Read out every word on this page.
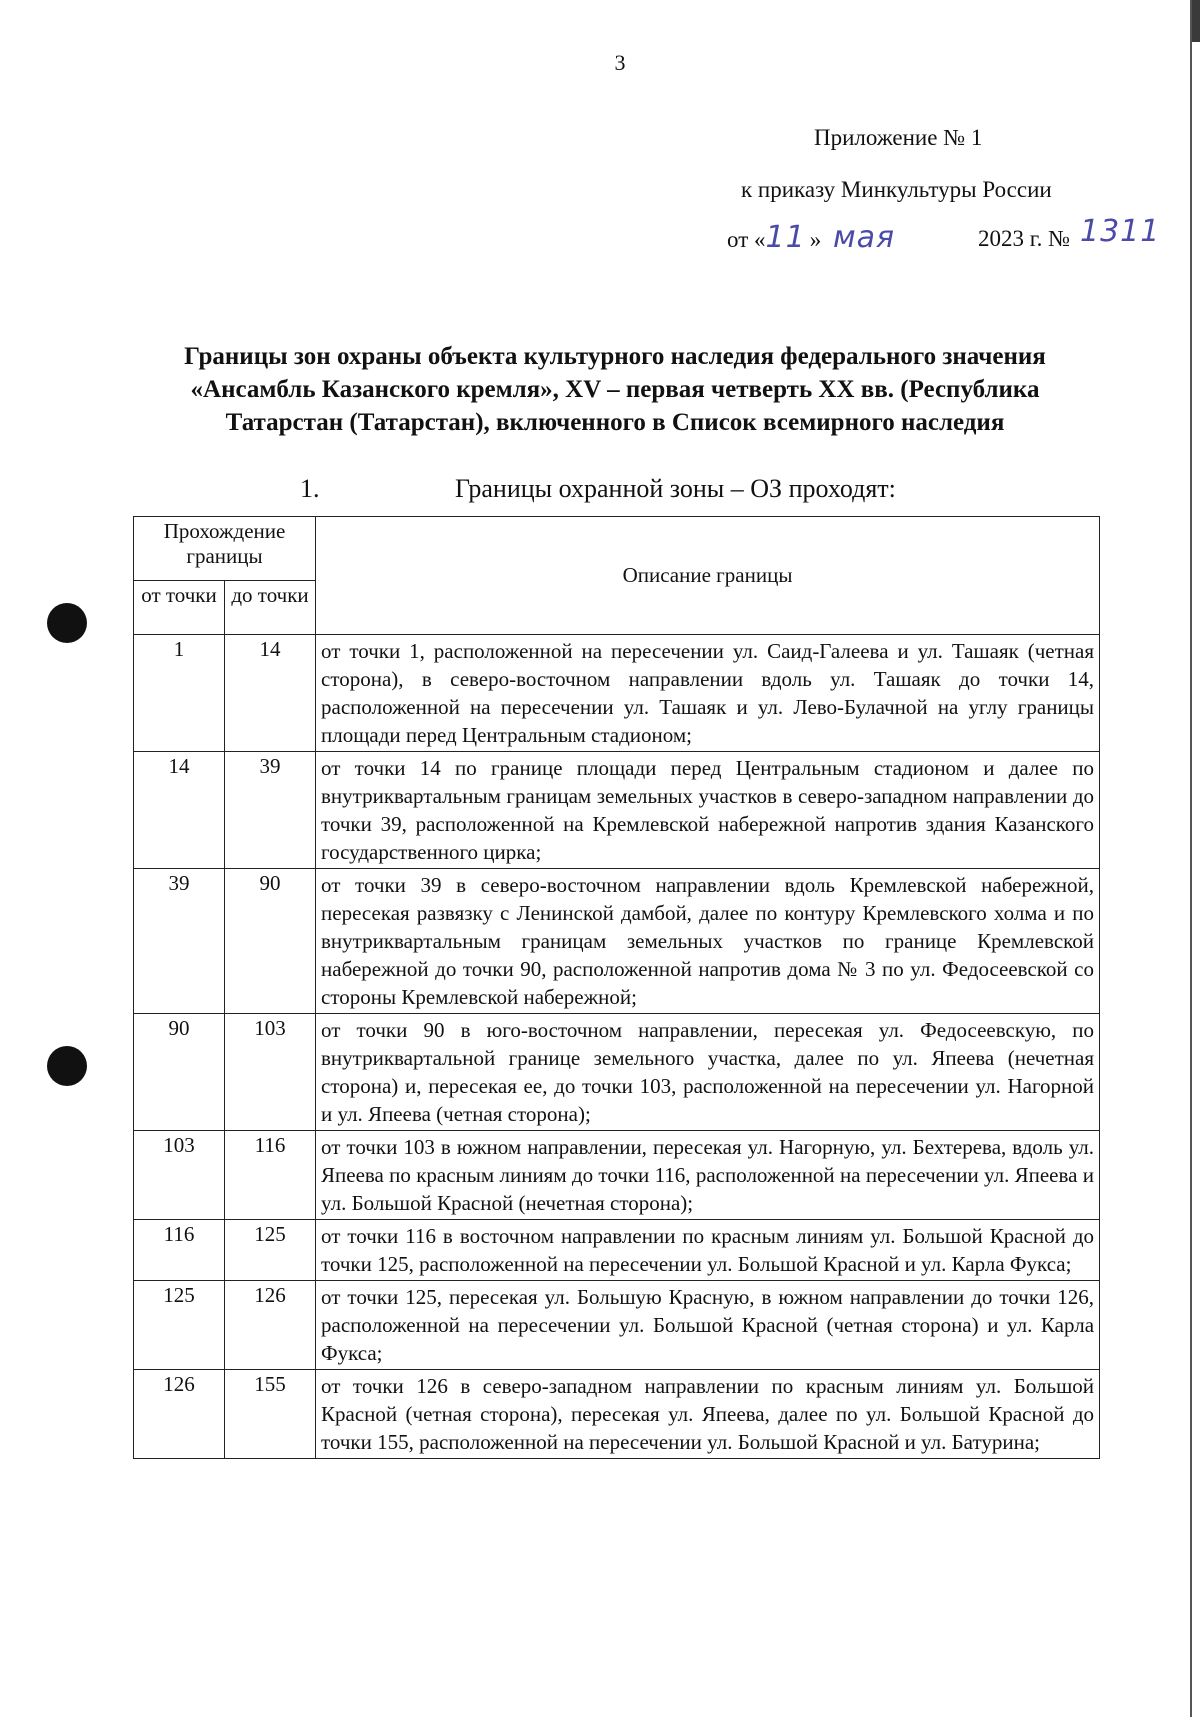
3
Приложение № 1
к приказу Минкультуры России
от «11 » мая	2023 г. № 1311
Границы зон охраны объекта культурного наследия федерального значения
«Ансамбль Казанского кремля», XV – первая четверть XX вв. (Республика
Татарстан (Татарстан), включенного в Список всемирного наследия
1.	Границы охранной зоны – ОЗ проходят:
Прохождение границы		Описание границы
от точки	до точки	
1	14	от точки 1, расположенной на пересечении ул. Саид-Галеева и ул. Ташаяк (четная сторона), в северо-восточном направлении вдоль ул. Ташаяк до точки 14, расположенной на пересечении ул. Ташаяк и ул. Лево-Булачной на углу границы площади перед Центральным стадионом;
14	39	от точки 14 по границе площади перед Центральным стадионом и далее по внутриквартальным границам земельных участков в северо-западном направлении до точки 39, расположенной на Кремлевской набережной напротив здания Казанского государственного цирка;
39	90	от точки 39 в северо-восточном направлении вдоль Кремлевской набережной, пересекая развязку с Ленинской дамбой, далее по контуру Кремлевского холма и по внутриквартальным границам земельных участков по границе Кремлевской набережной до точки 90, расположенной напротив дома № 3 по ул. Федосеевской со стороны Кремлевской набережной;
90	103	от точки 90 в юго-восточном направлении, пересекая ул. Федосеевскую, по внутриквартальной границе земельного участка, далее по ул. Япеева (нечетная сторона) и, пересекая ее, до точки 103, расположенной на пересечении ул. Нагорной и ул. Япеева (четная сторона);
103	116	от точки 103 в южном направлении, пересекая ул. Нагорную, ул. Бехтерева, вдоль ул. Япеева по красным линиям до точки 116, расположенной на пересечении ул. Япеева и ул. Большой Красной (нечетная сторона);
116	125	от точки 116 в восточном направлении по красным линиям ул. Большой Красной до точки 125, расположенной на пересечении ул. Большой Красной и ул. Карла Фукса;
125	126	от точки 125, пересекая ул. Большую Красную, в южном направлении до точки 126, расположенной на пересечении ул. Большой Красной (четная сторона) и ул. Карла Фукса;
126	155	от точки 126 в северо-западном направлении по красным линиям ул. Большой Красной (четная сторона), пересекая ул. Япеева, далее по ул. Большой Красной до точки 155, расположенной на пересечении ул. Большой Красной и ул. Батурина;
